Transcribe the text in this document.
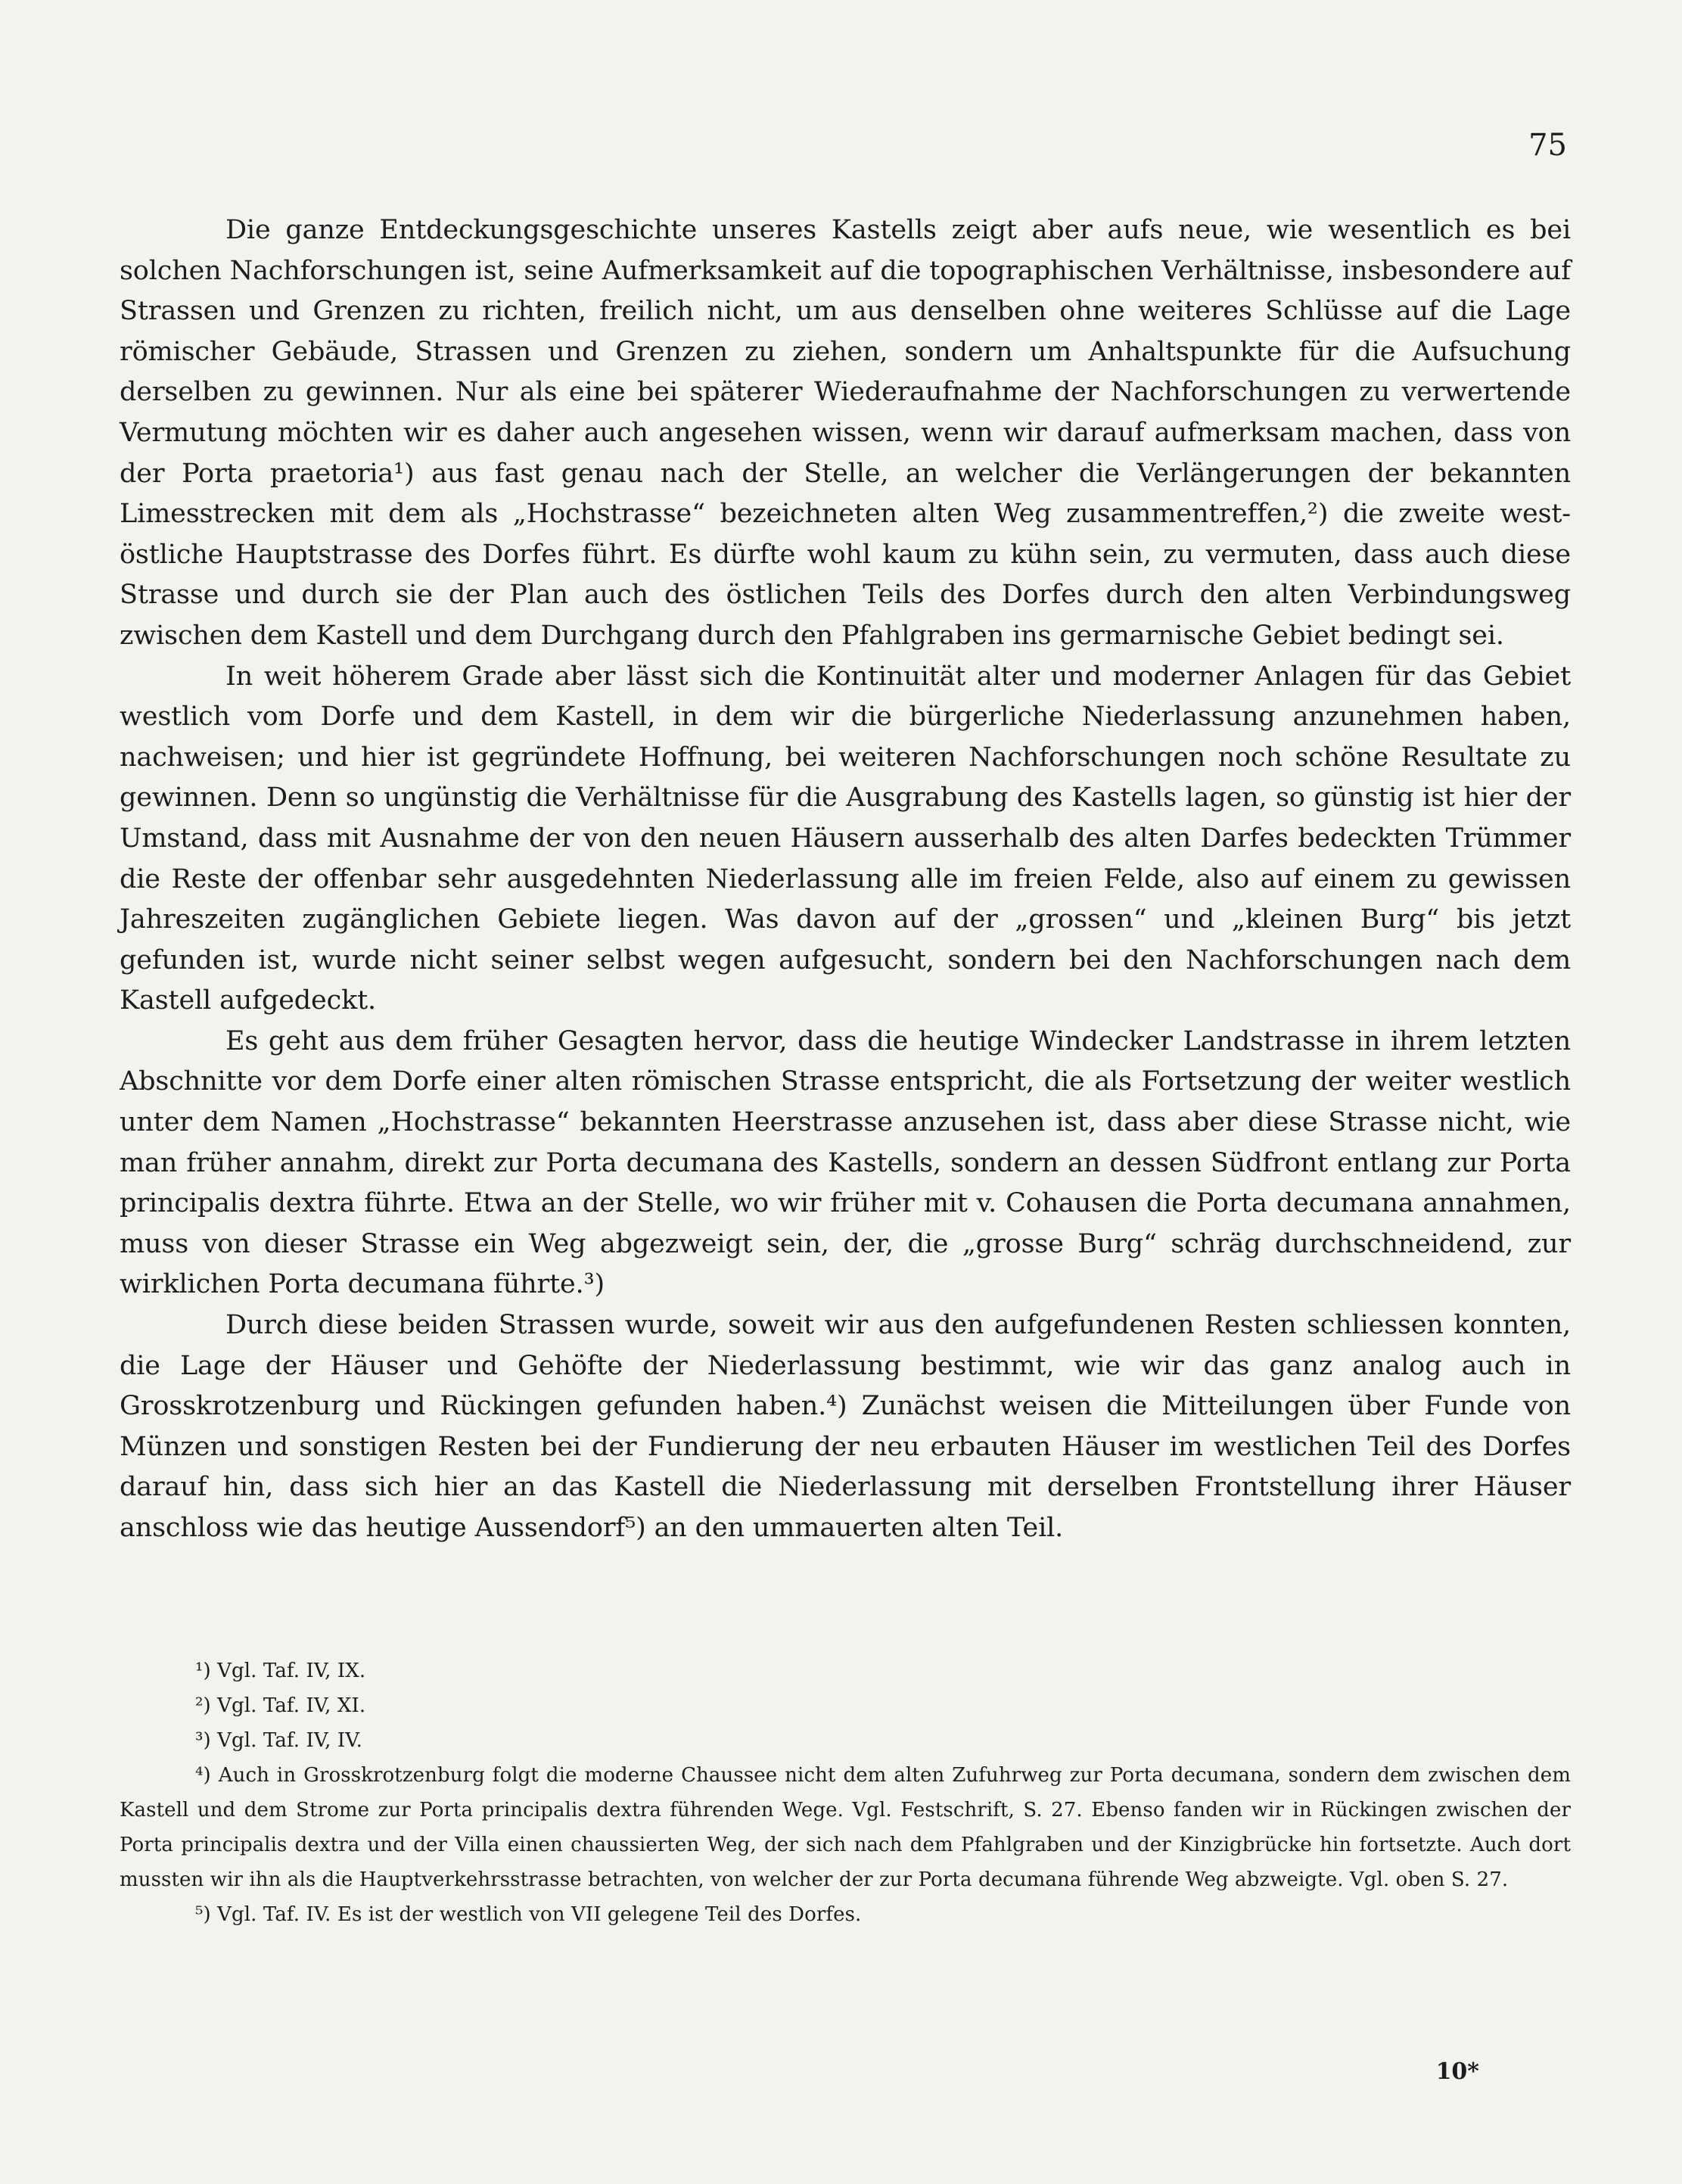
75

Die ganze Entdeckungsgeschichte unseres Kastells zeigt aber aufs neue, wie wesentlich es bei solchen Nachforschungen ist, seine Aufmerksamkeit auf die topographischen Verhältnisse, insbesondere auf Strassen und Grenzen zu richten, freilich nicht, um aus denselben ohne weiteres Schlüsse auf die Lage römischer Gebäude, Strassen und Grenzen zu ziehen, sondern um Anhaltspunkte für die Aufsuchung derselben zu gewinnen. Nur als eine bei späterer Wiederaufnahme der Nachforschungen zu verwertende Vermutung möchten wir es daher auch angesehen wissen, wenn wir darauf aufmerksam machen, dass von der Porta praetoria¹) aus fast genau nach der Stelle, an welcher die Verlängerungen der bekannten Limesstrecken mit dem als „Hochstrasse“ bezeichneten alten Weg zusammentreffen,²) die zweite west-östliche Hauptstrasse des Dorfes führt. Es dürfte wohl kaum zu kühn sein, zu vermuten, dass auch diese Strasse und durch sie der Plan auch des östlichen Teils des Dorfes durch den alten Verbindungsweg zwischen dem Kastell und dem Durchgang durch den Pfahlgraben ins germarnische Gebiet bedingt sei.

In weit höherem Grade aber lässt sich die Kontinuität alter und moderner Anlagen für das Gebiet westlich vom Dorfe und dem Kastell, in dem wir die bürgerliche Niederlassung anzunehmen haben, nachweisen; und hier ist gegründete Hoffnung, bei weiteren Nachforschungen noch schöne Resultate zu gewinnen. Denn so ungünstig die Verhältnisse für die Ausgrabung des Kastells lagen, so günstig ist hier der Umstand, dass mit Ausnahme der von den neuen Häusern ausserhalb des alten Darfes bedeckten Trümmer die Reste der offenbar sehr ausgedehnten Niederlassung alle im freien Felde, also auf einem zu gewissen Jahreszeiten zugänglichen Gebiete liegen. Was davon auf der „grossen“ und „kleinen Burg“ bis jetzt gefunden ist, wurde nicht seiner selbst wegen aufgesucht, sondern bei den Nachforschungen nach dem Kastell aufgedeckt.

Es geht aus dem früher Gesagten hervor, dass die heutige Windecker Landstrasse in ihrem letzten Abschnitte vor dem Dorfe einer alten römischen Strasse entspricht, die als Fortsetzung der weiter westlich unter dem Namen „Hochstrasse“ bekannten Heerstrasse anzusehen ist, dass aber diese Strasse nicht, wie man früher annahm, direkt zur Porta decumana des Kastells, sondern an dessen Südfront entlang zur Porta principalis dextra führte. Etwa an der Stelle, wo wir früher mit v. Cohausen die Porta decumana annahmen, muss von dieser Strasse ein Weg abgezweigt sein, der, die „grosse Burg“ schräg durchschneidend, zur wirklichen Porta decumana führte.³)

Durch diese beiden Strassen wurde, soweit wir aus den aufgefundenen Resten schliessen konnten, die Lage der Häuser und Gehöfte der Niederlassung bestimmt, wie wir das ganz analog auch in Grosskrotzenburg und Rückingen gefunden haben.⁴) Zunächst weisen die Mitteilungen über Funde von Münzen und sonstigen Resten bei der Fundierung der neu erbauten Häuser im westlichen Teil des Dorfes darauf hin, dass sich hier an das Kastell die Niederlassung mit derselben Frontstellung ihrer Häuser anschloss wie das heutige Aussendorf⁵) an den ummauerten alten Teil.

¹) Vgl. Taf. IV, IX.

²) Vgl. Taf. IV, XI.

³) Vgl. Taf. IV, IV.

⁴) Auch in Grosskrotzenburg folgt die moderne Chaussee nicht dem alten Zufuhrweg zur Porta decumana, sondern dem zwischen dem Kastell und dem Strome zur Porta principalis dextra führenden Wege. Vgl. Festschrift, S. 27. Ebenso fanden wir in Rückingen zwischen der Porta principalis dextra und der Villa einen chaussierten Weg, der sich nach dem Pfahlgraben und der Kinzigbrücke hin fortsetzte. Auch dort mussten wir ihn als die Hauptverkehrsstrasse betrachten, von welcher der zur Porta decumana führende Weg abzweigte. Vgl. oben S. 27.

⁵) Vgl. Taf. IV. Es ist der westlich von VII gelegene Teil des Dorfes.

10*
